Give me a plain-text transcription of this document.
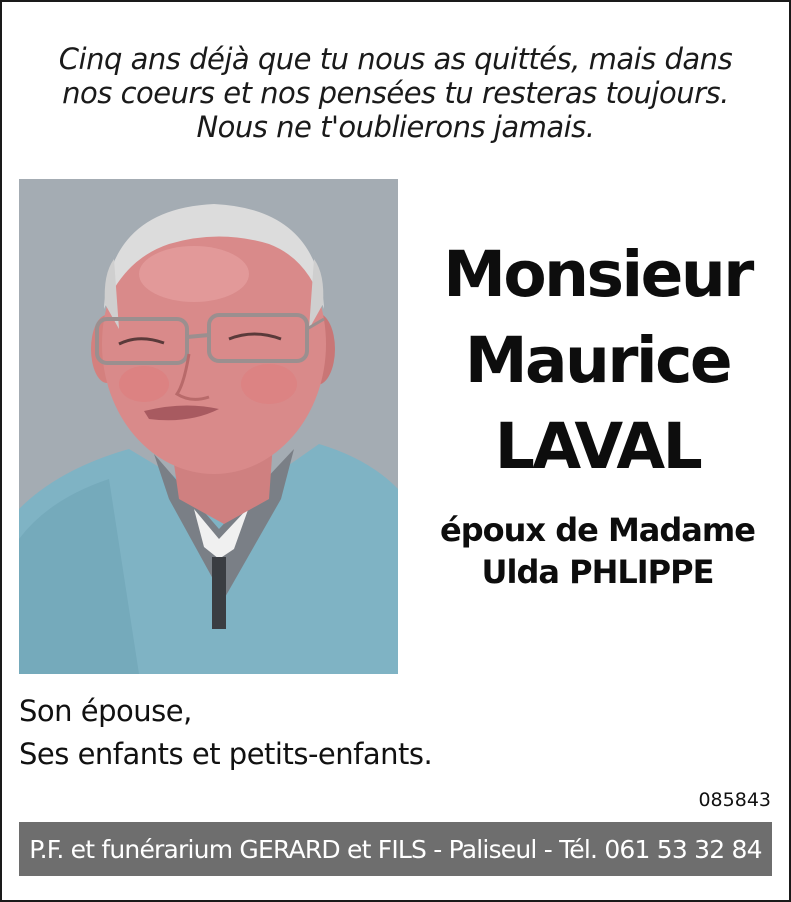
Cinq ans déjà que tu nous as quittés, mais dans
nos coeurs et nos pensées tu resteras toujours.
Nous ne t'oublierons jamais.
Monsieur
Maurice
LAVAL
époux de Madame
Ulda PHLIPPE
Son épouse,
Ses enfants et petits-enfants.
085843
P.F. et funérarium GERARD et FILS - Paliseul - Tél. 061 53 32 84
